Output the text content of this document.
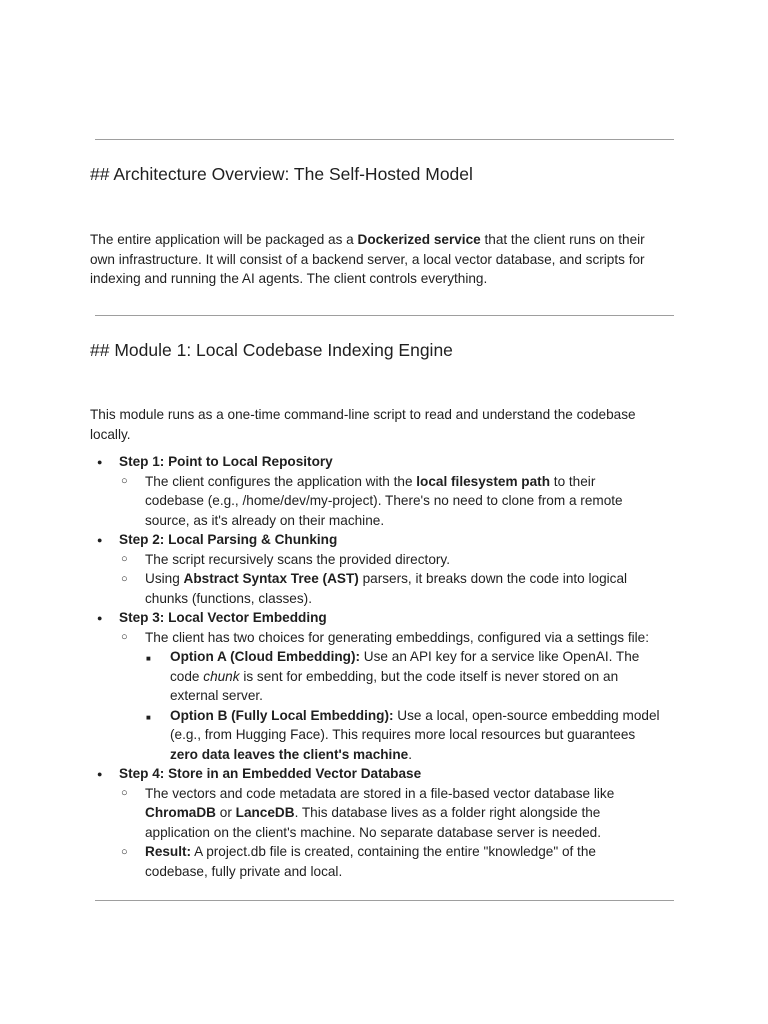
## Architecture Overview: The Self-Hosted Model
The entire application will be packaged as a Dockerized service that the client runs on their
own infrastructure. It will consist of a backend server, a local vector database, and scripts for
indexing and running the AI agents. The client controls everything.
## Module 1: Local Codebase Indexing Engine
This module runs as a one-time command-line script to read and understand the codebase
locally.
● Step 1: Point to Local Repository
○ The client configures the application with the local filesystem path to their
codebase (e.g., /home/dev/my-project). There's no need to clone from a remote
source, as it's already on their machine.
● Step 2: Local Parsing & Chunking
○ The script recursively scans the provided directory.
○ Using Abstract Syntax Tree (AST) parsers, it breaks down the code into logical
chunks (functions, classes).
● Step 3: Local Vector Embedding
○ The client has two choices for generating embeddings, configured via a settings file:
■ Option A (Cloud Embedding): Use an API key for a service like OpenAI. The
code chunk is sent for embedding, but the code itself is never stored on an
external server.
■ Option B (Fully Local Embedding): Use a local, open-source embedding model
(e.g., from Hugging Face). This requires more local resources but guarantees
zero data leaves the client's machine.
● Step 4: Store in an Embedded Vector Database
○ The vectors and code metadata are stored in a file-based vector database like
ChromaDB or LanceDB. This database lives as a folder right alongside the
application on the client's machine. No separate database server is needed.
○ Result: A project.db file is created, containing the entire "knowledge" of the
codebase, fully private and local.
